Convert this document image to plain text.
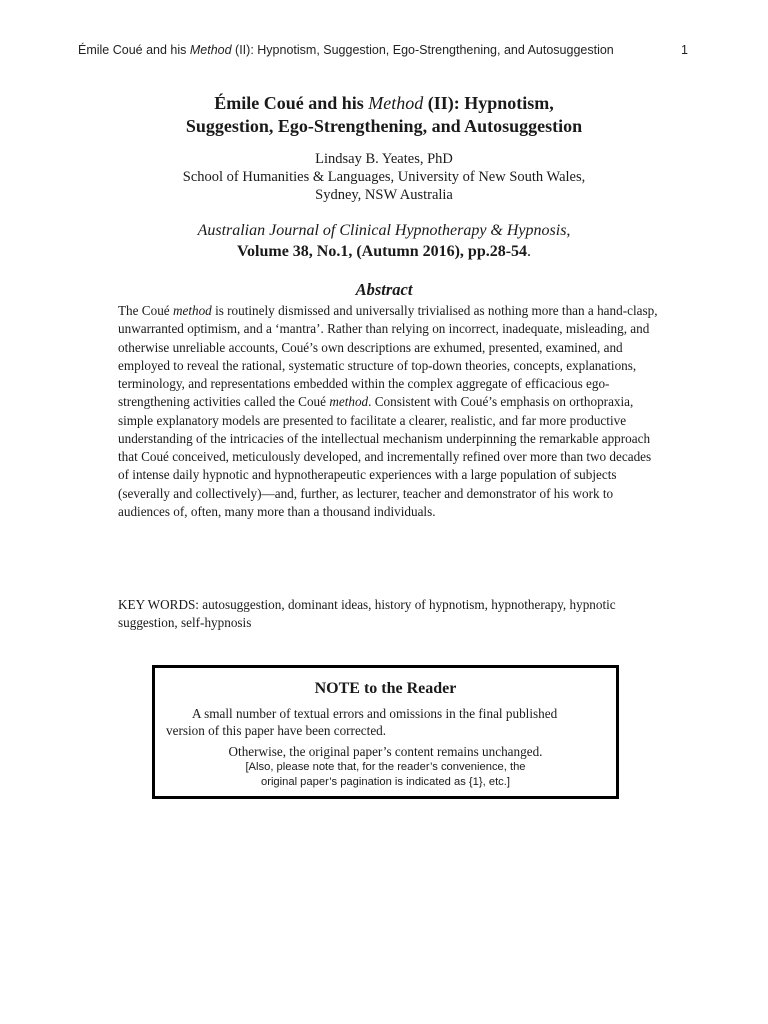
Émile Coué and his Method (II): Hypnotism, Suggestion, Ego-Strengthening, and Autosuggestion	1
Émile Coué and his Method (II): Hypnotism,
Suggestion, Ego-Strengthening, and Autosuggestion
Lindsay B. Yeates, PhD
School of Humanities & Languages, University of New South Wales,
Sydney, NSW Australia
Australian Journal of Clinical Hypnotherapy & Hypnosis,
Volume 38, No.1, (Autumn 2016), pp.28-54.
Abstract

The Coué method is routinely dismissed and universally trivialised as nothing more than a hand-clasp, unwarranted optimism, and a ‘mantra’. Rather than relying on incorrect, inadequate, misleading, and otherwise unreliable accounts, Coué’s own descriptions are exhumed, presented, examined, and employed to reveal the rational, systematic structure of top-down theories, concepts, explanations, terminology, and representations embedded within the complex aggregate of efficacious ego-strengthening activities called the Coué method. Consistent with Coué’s emphasis on orthopraxia, simple explanatory models are presented to facilitate a clearer, realistic, and far more productive understanding of the intricacies of the intellectual mechanism underpinning the remarkable approach that Coué conceived, meticulously developed, and incrementally refined over more than two decades of intense daily hypnotic and hypnotherapeutic experiences with a large population of subjects (severally and collectively)—and, further, as lecturer, teacher and demonstrator of his work to audiences of, often, many more than a thousand individuals.

KEY WORDS: autosuggestion, dominant ideas, history of hypnotism, hypnotherapy, hypnotic suggestion, self-hypnosis

NOTE to the Reader

A small number of textual errors and omissions in the final published version of this paper have been corrected.

Otherwise, the original paper’s content remains unchanged.

[Also, please note that, for the reader’s convenience, the
original paper’s pagination is indicated as {1}, etc.]
